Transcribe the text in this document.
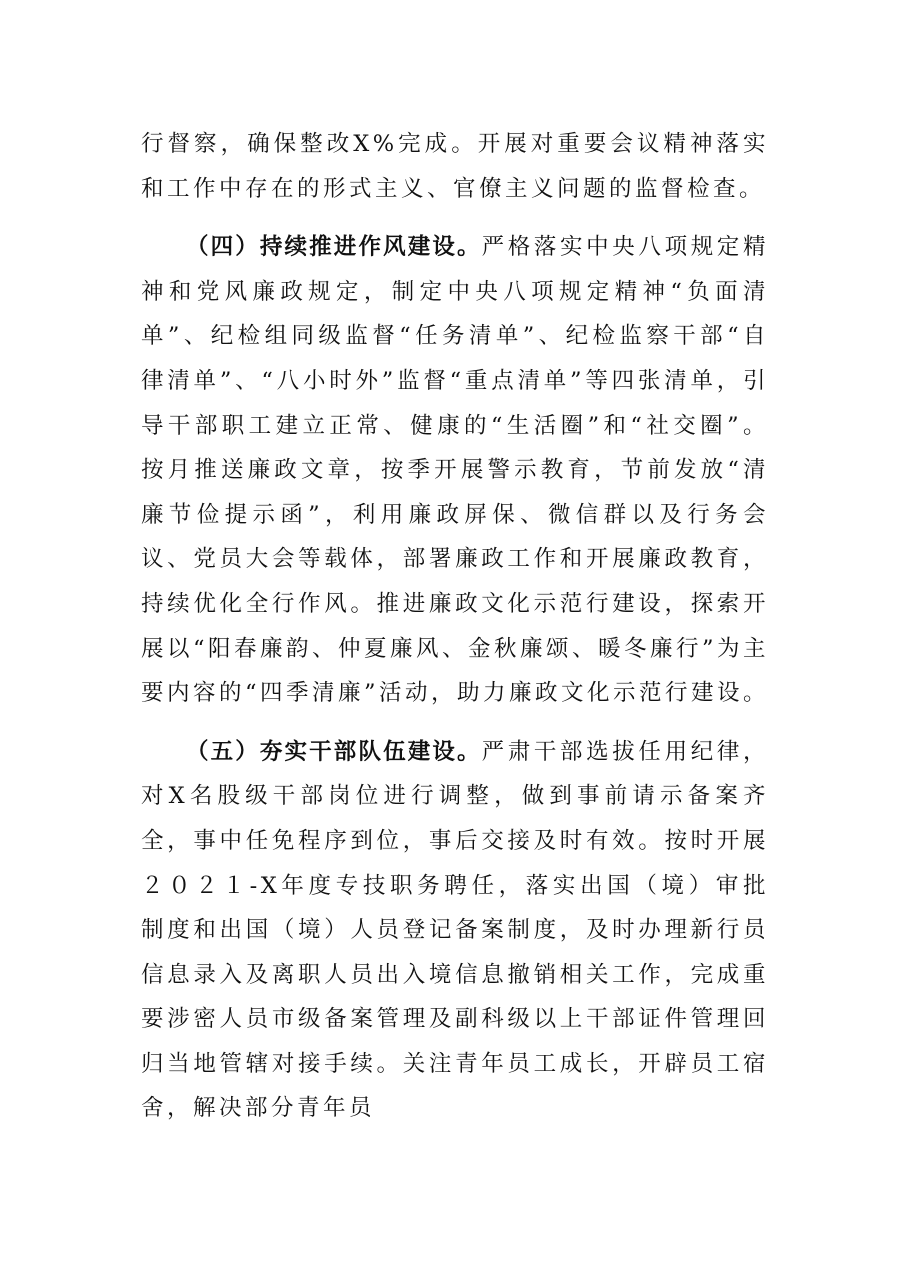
行督察，确保整改X%完成。开展对重要会议精神落实和工作中存在的形式主义、官僚主义问题的监督检查。

（四）持续推进作风建设。严格落实中央八项规定精神和党风廉政规定，制定中央八项规定精神“负面清单”、纪检组同级监督“任务清单”、纪检监察干部“自律清单”、“八小时外”监督“重点清单”等四张清单，引导干部职工建立正常、健康的“生活圈”和“社交圈”。按月推送廉政文章，按季开展警示教育，节前发放“清廉节俭提示函”，利用廉政屏保、微信群以及行务会议、党员大会等载体，部署廉政工作和开展廉政教育，持续优化全行作风。推进廉政文化示范行建设，探索开展以“阳春廉韵、仲夏廉风、金秋廉颂、暖冬廉行”为主要内容的“四季清廉”活动，助力廉政文化示范行建设。

（五）夯实干部队伍建设。严肃干部选拔任用纪律，对X名股级干部岗位进行调整，做到事前请示备案齐全，事中任免程序到位，事后交接及时有效。按时开展２０２１-X年度专技职务聘任，落实出国（境）审批制度和出国（境）人员登记备案制度，及时办理新行员信息录入及离职人员出入境信息撤销相关工作，完成重要涉密人员市级备案管理及副科级以上干部证件管理回归当地管辖对接手续。关注青年员工成长，开辟员工宿舍，解决部分青年员
